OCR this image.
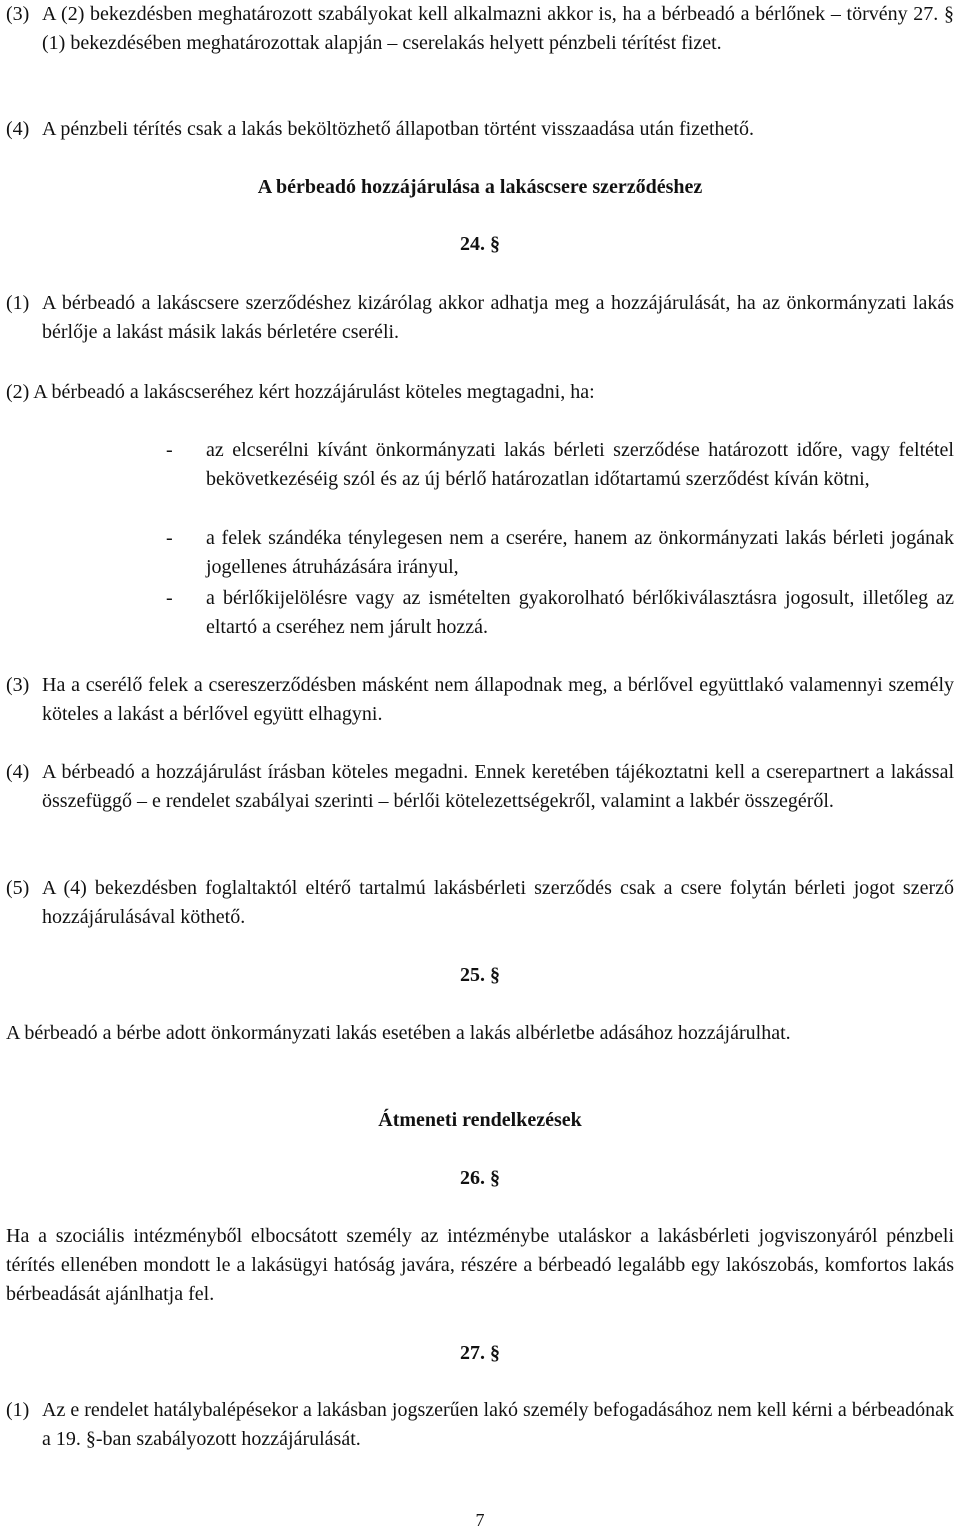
(3) A (2) bekezdésben meghatározott szabályokat kell alkalmazni akkor is, ha a bérbeadó a bérlőnek – törvény 27. § (1) bekezdésében meghatározottak alapján – cserelakás helyett pénzbeli térítést fizet.
(4) A pénzbeli térítés csak a lakás beköltözhető állapotban történt visszaadása után fizethető.

A bérbeadó hozzájárulása a lakáscsere szerződéshez

24. §

(1) A bérbeadó a lakáscsere szerződéshez kizárólag akkor adhatja meg a hozzájárulását, ha az önkormányzati lakás bérlője a lakást másik lakás bérletére cseréli.

(2) A bérbeadó a lakáscseréhez kért hozzájárulást köteles megtagadni, ha:

-	az elcserélni kívánt önkormányzati lakás bérleti szerződése határozott időre, vagy feltétel bekövetkezéséig szól és az új bérlő határozatlan időtartamú szerződést kíván kötni,
-	a felek szándéka ténylegesen nem a cserére, hanem az önkormányzati lakás bérleti jogának jogellenes átruházására irányul,
-	a bérlőkijelölésre vagy az ismételten gyakorolható bérlőkiválasztásra jogosult, illetőleg az eltartó a cseréhez nem járult hozzá.
(3) Ha a cserélő felek a csereszerződésben másként nem állapodnak meg, a bérlővel együttlakó valamennyi személy köteles a lakást a bérlővel együtt elhagyni.
(4) A bérbeadó a hozzájárulást írásban köteles megadni. Ennek keretében tájékoztatni kell a cserepartnert a lakással összefüggő – e rendelet szabályai szerinti – bérlői kötelezettségekről, valamint a lakbér összegéről.
(5) A (4) bekezdésben foglaltaktól eltérő tartalmú lakásbérleti szerződés csak a csere folytán bérleti jogot szerző hozzájárulásával köthető.

25. §

A bérbeadó a bérbe adott önkormányzati lakás esetében a lakás albérletbe adásához hozzájárulhat.

Átmeneti rendelkezések

26. §

Ha a szociális intézményből elbocsátott személy az intézménybe utaláskor a lakásbérleti jogviszonyáról pénzbeli térítés ellenében mondott le a lakásügyi hatóság javára, részére a bérbeadó legalább egy lakószobás, komfortos lakás bérbeadását ajánlhatja fel.

27. §

(1) Az e rendelet hatálybalépésekor a lakásban jogszerűen lakó személy befogadásához nem kell kérni a bérbeadónak a 19. §-ban szabályozott hozzájárulását.

7
